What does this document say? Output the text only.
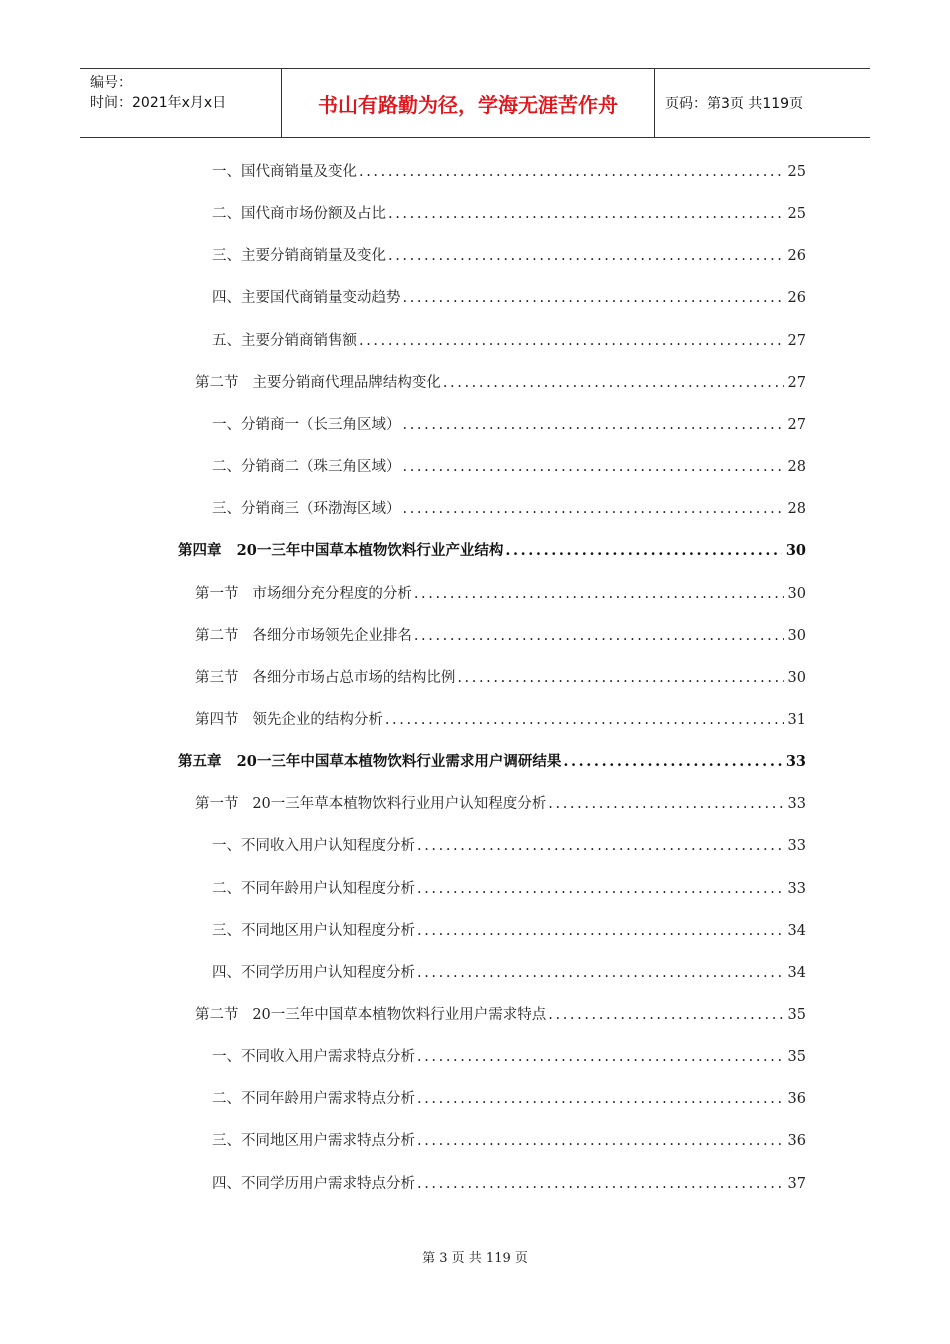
编号：
时间：2021年x月x日	书山有路勤为径，学海无涯苦作舟	页码：第3页 共119页
一、国代商销量及变化 .....	25
二、国代商市场份额及占比 .....	25
三、主要分销商销量及变化 .....	26
四、主要国代商销量变动趋势 .....	26
五、主要分销商销售额 .....	27
第二节   主要分销商代理品牌结构变化 .....	27
一、分销商一（长三角区域） .....	27
二、分销商二（珠三角区域） .....	28
三、分销商三（环渤海区域） .....	28
第四章   20一三年中国草本植物饮料行业产业结构 .....	30
第一节   市场细分充分程度的分析 .....	30
第二节   各细分市场领先企业排名 .....	30
第三节   各细分市场占总市场的结构比例 .....	30
第四节   领先企业的结构分析 .....	31
第五章   20一三年中国草本植物饮料行业需求用户调研结果 .....	33
第一节   20一三年草本植物饮料行业用户认知程度分析 .....	33
一、不同收入用户认知程度分析 .....	33
二、不同年龄用户认知程度分析 .....	33
三、不同地区用户认知程度分析 .....	34
四、不同学历用户认知程度分析 .....	34
第二节   20一三年中国草本植物饮料行业用户需求特点 .....	35
一、不同收入用户需求特点分析 .....	35
二、不同年龄用户需求特点分析 .....	36
三、不同地区用户需求特点分析 .....	36
四、不同学历用户需求特点分析 .....	37
第 3 页 共 119 页
